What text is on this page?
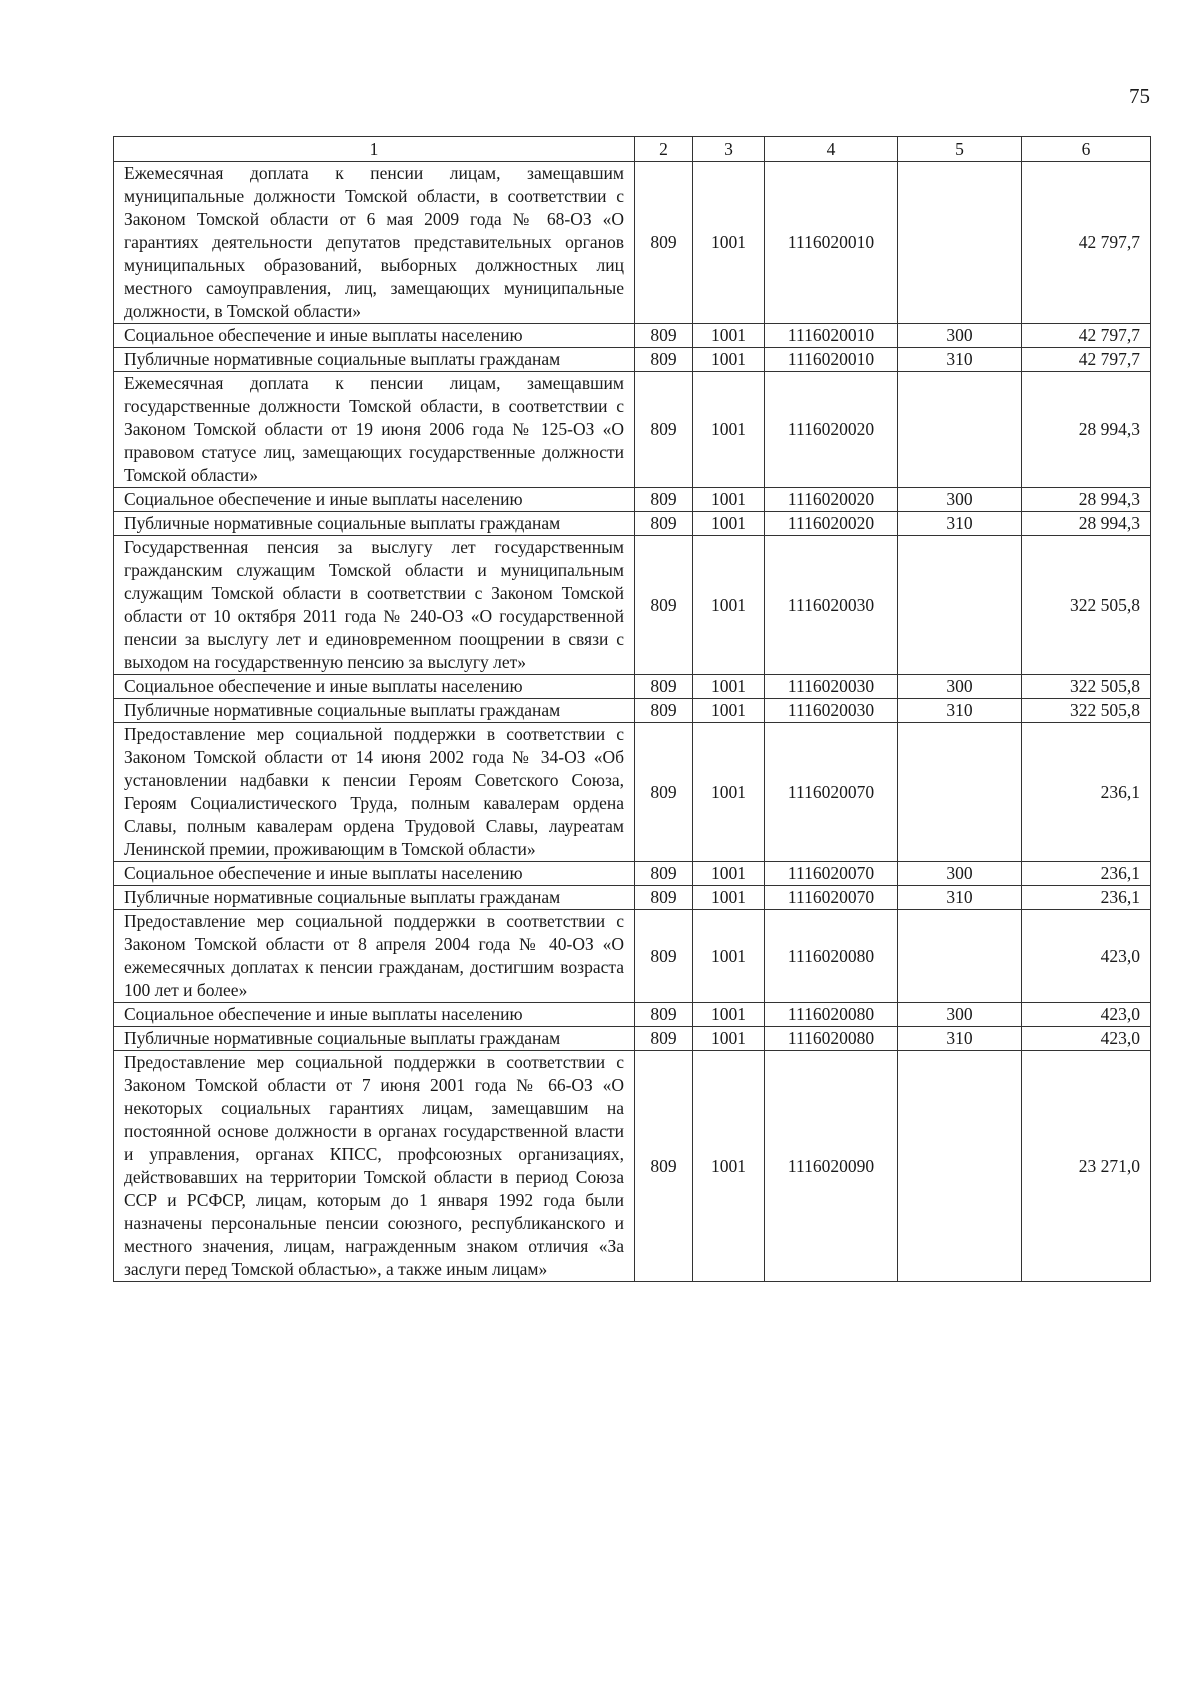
75
1	2	3	4	5	6
Ежемесячная доплата к пенсии лицам, замещавшим муниципальные должности Томской области, в соответствии с Законом Томской области от 6 мая 2009 года № 68-ОЗ «О гарантиях деятельности депутатов представительных органов муниципальных образований, выборных должностных лиц местного самоуправления, лиц, замещающих муниципальные должности, в Томской области»	809	1001	1116020010		42 797,7
Социальное обеспечение и иные выплаты населению	809	1001	1116020010	300	42 797,7
Публичные нормативные социальные выплаты гражданам	809	1001	1116020010	310	42 797,7
Ежемесячная доплата к пенсии лицам, замещавшим государственные должности Томской области, в соответствии с Законом Томской области от 19 июня 2006 года № 125-ОЗ «О правовом статусе лиц, замещающих государственные должности Томской области»	809	1001	1116020020		28 994,3
Социальное обеспечение и иные выплаты населению	809	1001	1116020020	300	28 994,3
Публичные нормативные социальные выплаты гражданам	809	1001	1116020020	310	28 994,3
Государственная пенсия за выслугу лет государственным гражданским служащим Томской области и муниципальным служащим Томской области в соответствии с Законом Томской области от 10 октября 2011 года № 240-ОЗ «О государственной пенсии за выслугу лет и единовременном поощрении в связи с выходом на государственную пенсию за выслугу лет»	809	1001	1116020030		322 505,8
Социальное обеспечение и иные выплаты населению	809	1001	1116020030	300	322 505,8
Публичные нормативные социальные выплаты гражданам	809	1001	1116020030	310	322 505,8
Предоставление мер социальной поддержки в соответствии с Законом Томской области от 14 июня 2002 года № 34-ОЗ «Об установлении надбавки к пенсии Героям Советского Союза, Героям Социалистического Труда, полным кавалерам ордена Славы, полным кавалерам ордена Трудовой Славы, лауреатам Ленинской премии, проживающим в Томской области»	809	1001	1116020070		236,1
Социальное обеспечение и иные выплаты населению	809	1001	1116020070	300	236,1
Публичные нормативные социальные выплаты гражданам	809	1001	1116020070	310	236,1
Предоставление мер социальной поддержки в соответствии с Законом Томской области от 8 апреля 2004 года № 40-ОЗ «О ежемесячных доплатах к пенсии гражданам, достигшим возраста 100 лет и более»	809	1001	1116020080		423,0
Социальное обеспечение и иные выплаты населению	809	1001	1116020080	300	423,0
Публичные нормативные социальные выплаты гражданам	809	1001	1116020080	310	423,0
Предоставление мер социальной поддержки в соответствии с Законом Томской области от 7 июня 2001 года № 66-ОЗ «О некоторых социальных гарантиях лицам, замещавшим на постоянной основе должности в органах государственной власти и управления, органах КПСС, профсоюзных организациях, действовавших на территории Томской области в период Союза ССР и РСФСР, лицам, которым до 1 января 1992 года были назначены персональные пенсии союзного, республиканского и местного значения, лицам, награжденным знаком отличия «За заслуги перед Томской областью», а также иным лицам»	809	1001	1116020090		23 271,0
